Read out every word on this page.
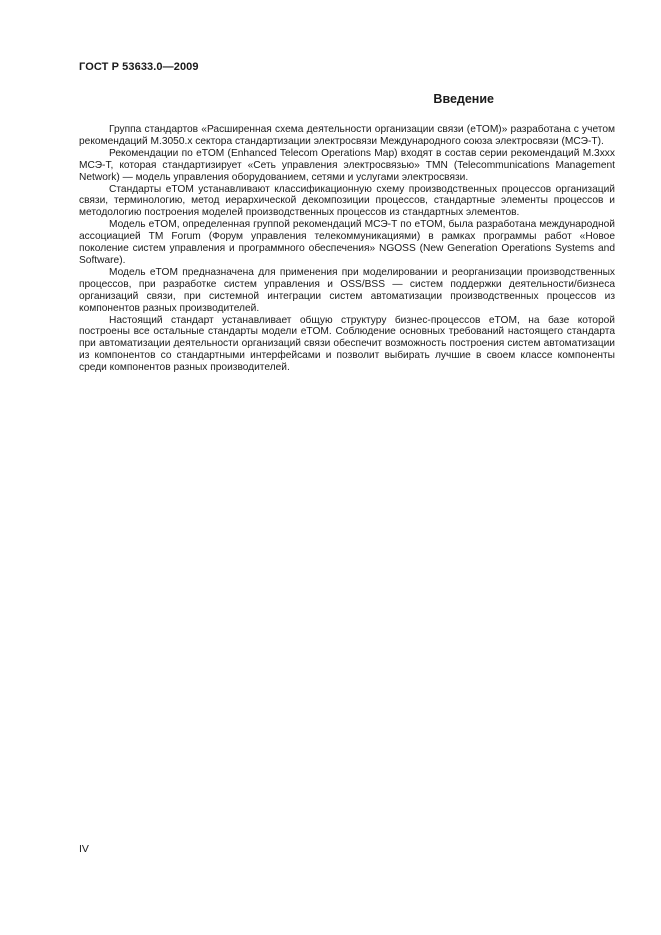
ГОСТ Р 53633.0—2009
Введение

Группа стандартов «Расширенная схема деятельности организации связи (eTOM)» разработана с учетом рекомендаций M.3050.x сектора стандартизации электросвязи Международного союза электросвязи (МСЭ-Т).

Рекомендации по eTOM (Enhanced Telecom Operations Map) входят в состав серии рекомендаций M.3xxx МСЭ-Т, которая стандартизирует «Сеть управления электросвязью» TMN (Telecommunications Management Network) — модель управления оборудованием, сетями и услугами электросвязи.

Стандарты eTOM устанавливают классификационную схему производственных процессов организаций связи, терминологию, метод иерархической декомпозиции процессов, стандартные элементы процессов и методологию построения моделей производственных процессов из стандартных элементов.

Модель eTOM, определенная группой рекомендаций МСЭ-Т по eTOM, была разработана международной ассоциацией TM Forum (Форум управления телекоммуникациями) в рамках программы работ «Новое поколение систем управления и программного обеспечения» NGOSS (New Generation Operations Systems and Software).

Модель eTOM предназначена для применения при моделировании и реорганизации производственных процессов, при разработке систем управления и OSS/BSS — систем поддержки деятельности/бизнеса организаций связи, при системной интеграции систем автоматизации производственных процессов из компонентов разных производителей.

Настоящий стандарт устанавливает общую структуру бизнес-процессов eTOM, на базе которой построены все остальные стандарты модели eTOM. Соблюдение основных требований настоящего стандарта при автоматизации деятельности организаций связи обеспечит возможность построения систем автоматизации из компонентов со стандартными интерфейсами и позволит выбирать лучшие в своем классе компоненты среди компонентов разных производителей.

IV
